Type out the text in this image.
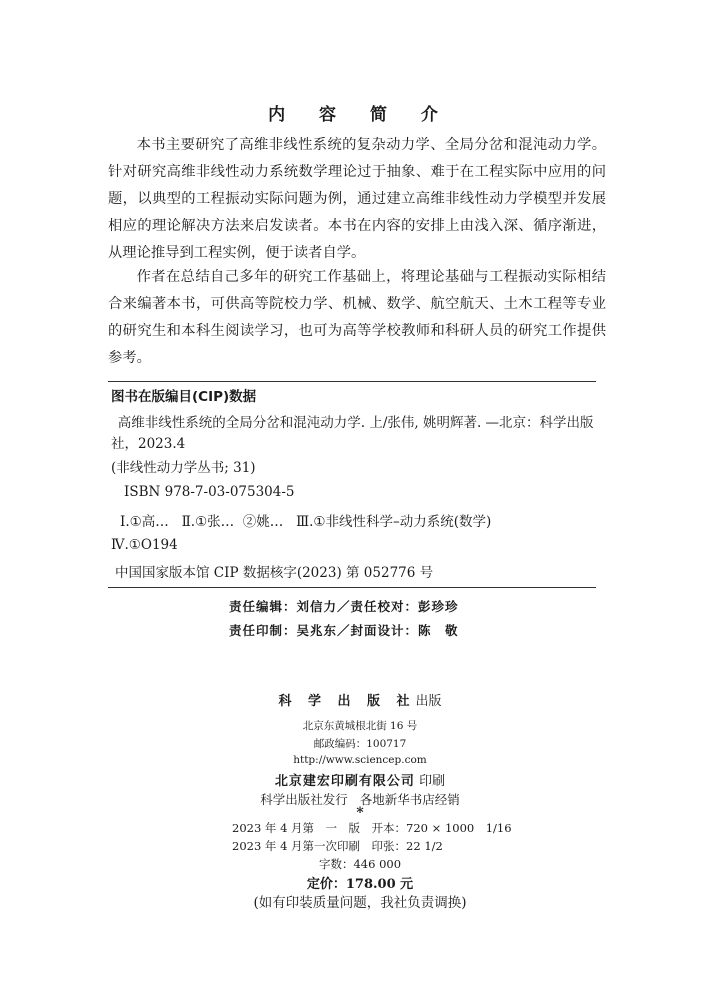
内 容 简 介

本书主要研究了高维非线性系统的复杂动力学、全局分岔和混沌动力学。针对研究高维非线性动力系统数学理论过于抽象、难于在工程实际中应用的问题，以典型的工程振动实际问题为例，通过建立高维非线性动力学模型并发展相应的理论解决方法来启发读者。本书在内容的安排上由浅入深、循序渐进，从理论推导到工程实例，便于读者自学。

作者在总结自己多年的研究工作基础上，将理论基础与工程振动实际相结合来编著本书，可供高等院校力学、机械、数学、航空航天、土木工程等专业的研究生和本科生阅读学习，也可为高等学校教师和科研人员的研究工作提供参考。

图书在版编目(CIP)数据

高维非线性系统的全局分岔和混沌动力学. 上/张伟, 姚明辉著. —北京：科学出版社，2023.4

(非线性动力学丛书; 31)

ISBN 978-7-03-075304-5

Ⅰ.①高…   Ⅱ.①张…  ②姚…   Ⅲ.①非线性科学–动力系统(数学)

Ⅳ.①O194

中国国家版本馆 CIP 数据核字(2023) 第 052776 号

责任编辑：刘信力／责任校对：彭珍珍
责任印制：吴兆东／封面设计：陈　敬
科 学 出 版 社出版
北京东黄城根北街 16 号
邮政编码：100717
http://www.sciencep.com
北京建宏印刷有限公司 印刷
科学出版社发行 各地新华书店经销
*
2023 年 4 月第　一　版　开本：720 × 1000　1/16
2023 年 4 月第一次印刷　印张：22 1/2
字数：446 000
定价：178.00 元
(如有印装质量问题，我社负责调换)
